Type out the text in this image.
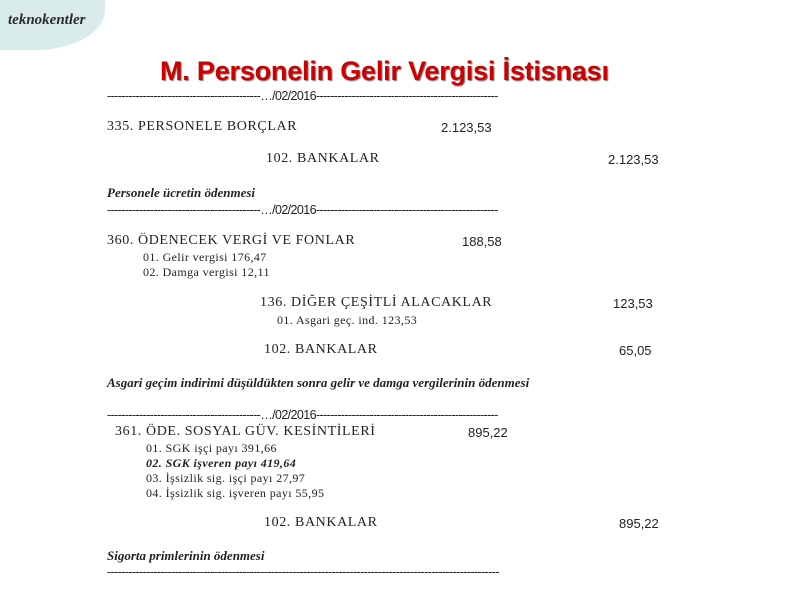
teknokentler
M. Personelin Gelir Vergisi İstisnası
-------------------------------------------…/02/2016---------------------------------------------------
335. PERSONELE BORÇLAR	2.123,53
102. BANKALAR	2.123,53
Personele ücretin ödenmesi
-------------------------------------------…/02/2016---------------------------------------------------
360. ÖDENECEK VERGİ VE FONLAR	188,58
01. Gelir vergisi 176,47
02. Damga vergisi 12,11
136. DİĞER ÇEŞİTLİ ALACAKLAR	123,53
01. Asgari geç. ind. 123,53
102. BANKALAR	65,05
Asgari geçim indirimi düşüldükten sonra gelir ve damga vergilerinin ödenmesi
-------------------------------------------…/02/2016---------------------------------------------------
361. ÖDE. SOSYAL GÜV. KESİNTİLERİ	895,22
01. SGK işçi payı 391,66
02. SGK işveren payı 419,64
03. İşsizlik sig. işçi payı 27,97
04. İşsizlik sig. işveren payı 55,95
102. BANKALAR	895,22
Sigorta primlerinin ödenmesi
--------------------------------------------------------------------------------------------------------------
